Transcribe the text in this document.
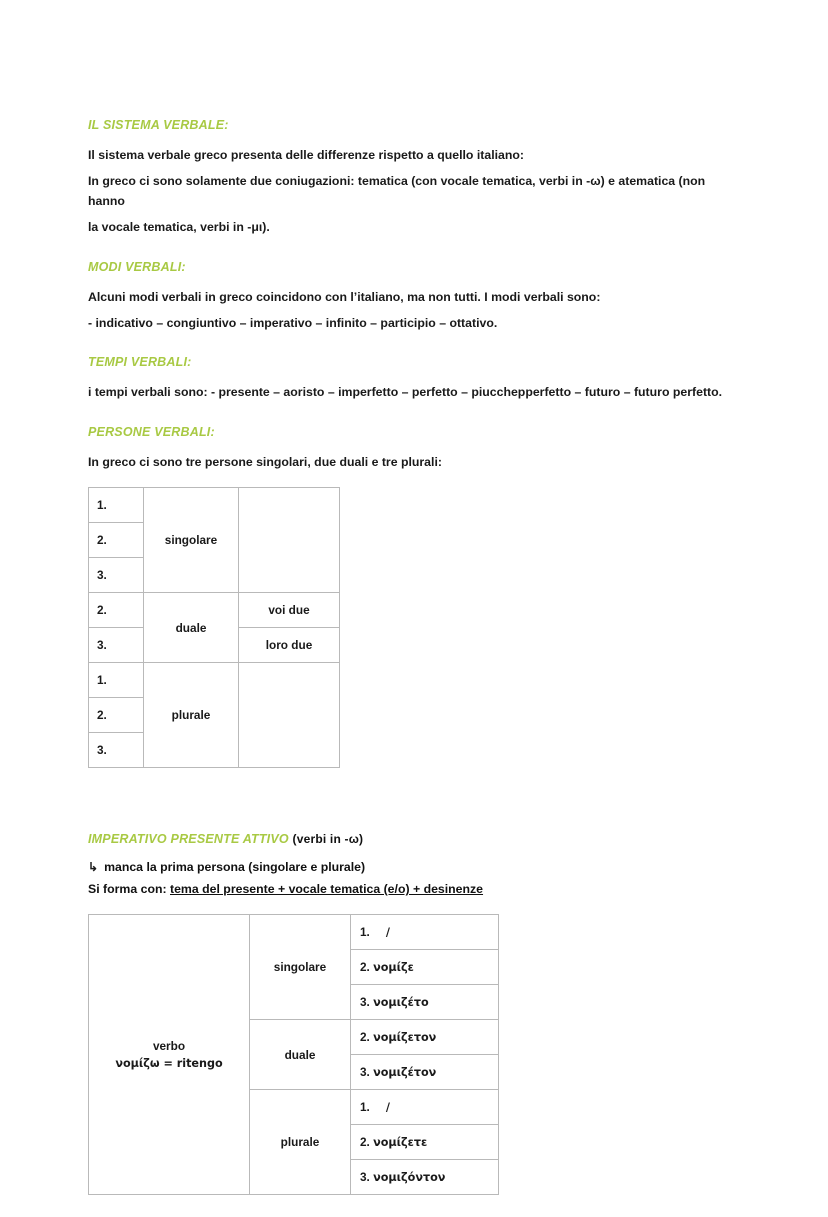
IL SISTEMA VERBALE:

Il sistema verbale greco presenta delle differenze rispetto a quello italiano:

In greco ci sono solamente due coniugazioni: tematica (con vocale tematica, verbi in -ω) e atematica (non hanno

la vocale tematica, verbi in -μι).

MODI VERBALI:

Alcuni modi verbali in greco coincidono con l’italiano, ma non tutti. I modi verbali sono:

- indicativo – congiuntivo – imperativo – infinito – participio – ottativo.

TEMPI VERBALI:

i tempi verbali sono: - presente – aoristo – imperfetto – perfetto – piucchepperfetto – futuro – futuro perfetto.

PERSONE VERBALI:

In greco ci sono tre persone singolari, due duali e tre plurali:

1.	singolare	
2.		
3.		
2.	duale	voi due
3.		loro due
1.	plurale	
2.		
3.		
IMPERATIVO PRESENTE ATTIVO (verbi in -ω)
↳ manca la prima persona (singolare e plurale)

Si forma con: tema del presente + vocale tematica (e/o) + desinenze

verbo
νομίζω = ritengo	singolare	1. /
		2. νομίζε
		3. νομιζέτο
	duale	2. νομίζετον
		3. νομιζέτον
	plurale	1. /
		2. νομίζετε
		3. νομιζόντον
